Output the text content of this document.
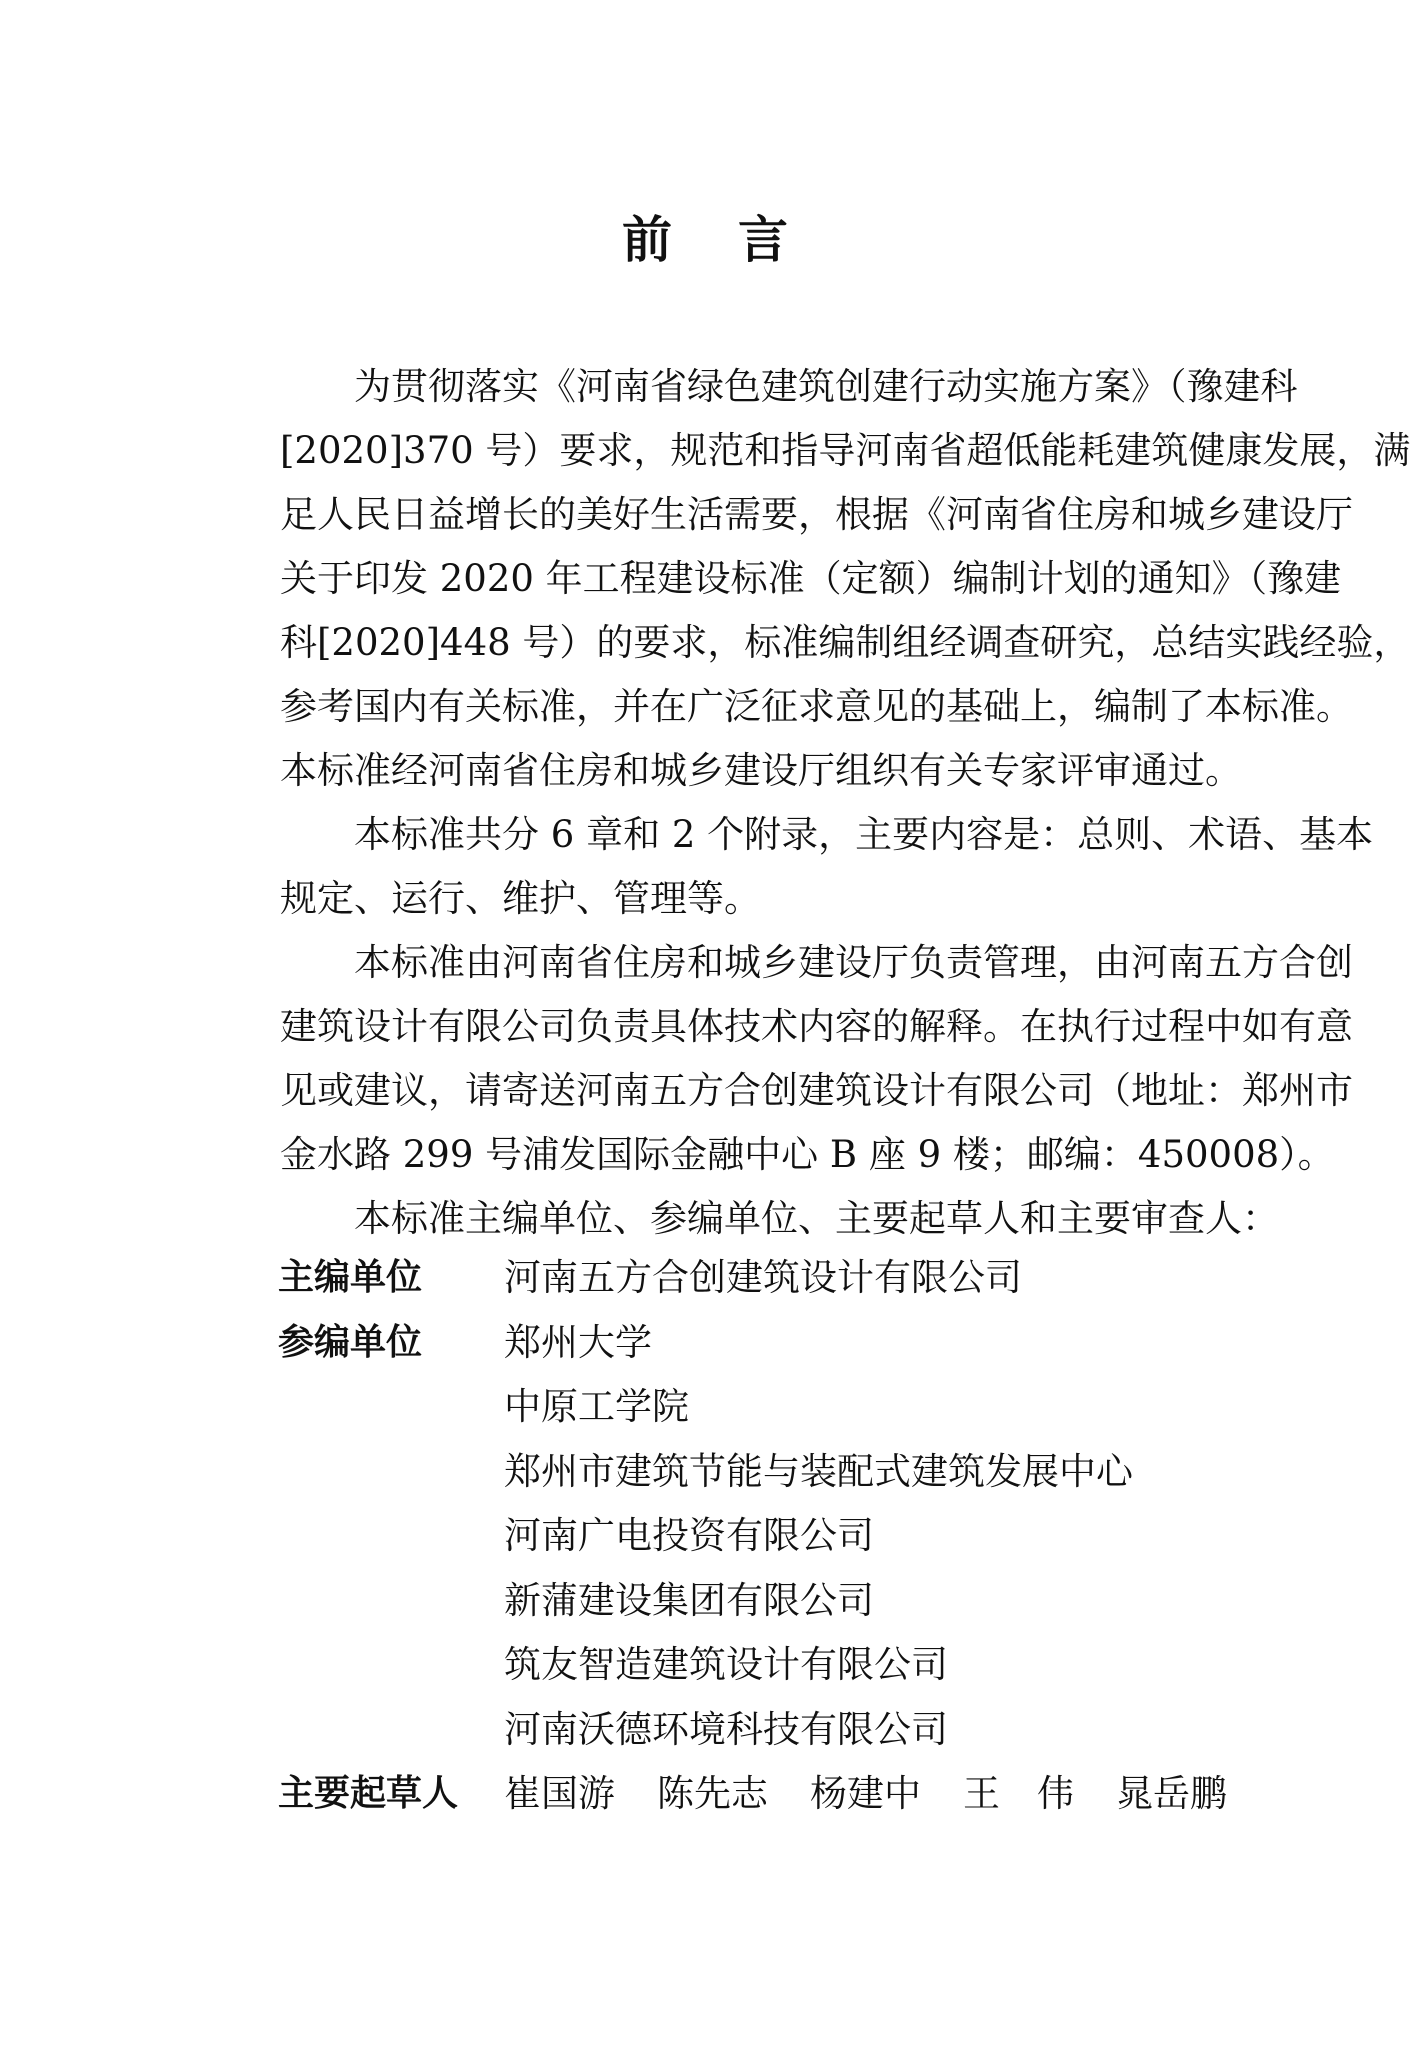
前 言
为贯彻落实《河南省绿色建筑创建行动实施方案》（豫建科
[2020]370 号）要求，规范和指导河南省超低能耗建筑健康发展，满
足人民日益增长的美好生活需要，根据《河南省住房和城乡建设厅
关于印发 2020 年工程建设标准（定额）编制计划的通知》（豫建
科[2020]448 号）的要求，标准编制组经调查研究，总结实践经验，
参考国内有关标准，并在广泛征求意见的基础上，编制了本标准。
本标准经河南省住房和城乡建设厅组织有关专家评审通过。
本标准共分 6 章和 2 个附录，主要内容是：总则、术语、基本
规定、运行、维护、管理等。
本标准由河南省住房和城乡建设厅负责管理，由河南五方合创
建筑设计有限公司负责具体技术内容的解释。在执行过程中如有意
见或建议，请寄送河南五方合创建筑设计有限公司（地址：郑州市
金水路 299 号浦发国际金融中心 B 座 9 楼；邮编：450008）。
本标准主编单位、参编单位、主要起草人和主要审查人：
主编单位	河南五方合创建筑设计有限公司
参编单位	郑州大学
中原工学院
郑州市建筑节能与装配式建筑发展中心
河南广电投资有限公司
新蒲建设集团有限公司
筑友智造建筑设计有限公司
河南沃德环境科技有限公司
主要起草人	崔国游 陈先志 杨建中 王　伟 晁岳鹏
